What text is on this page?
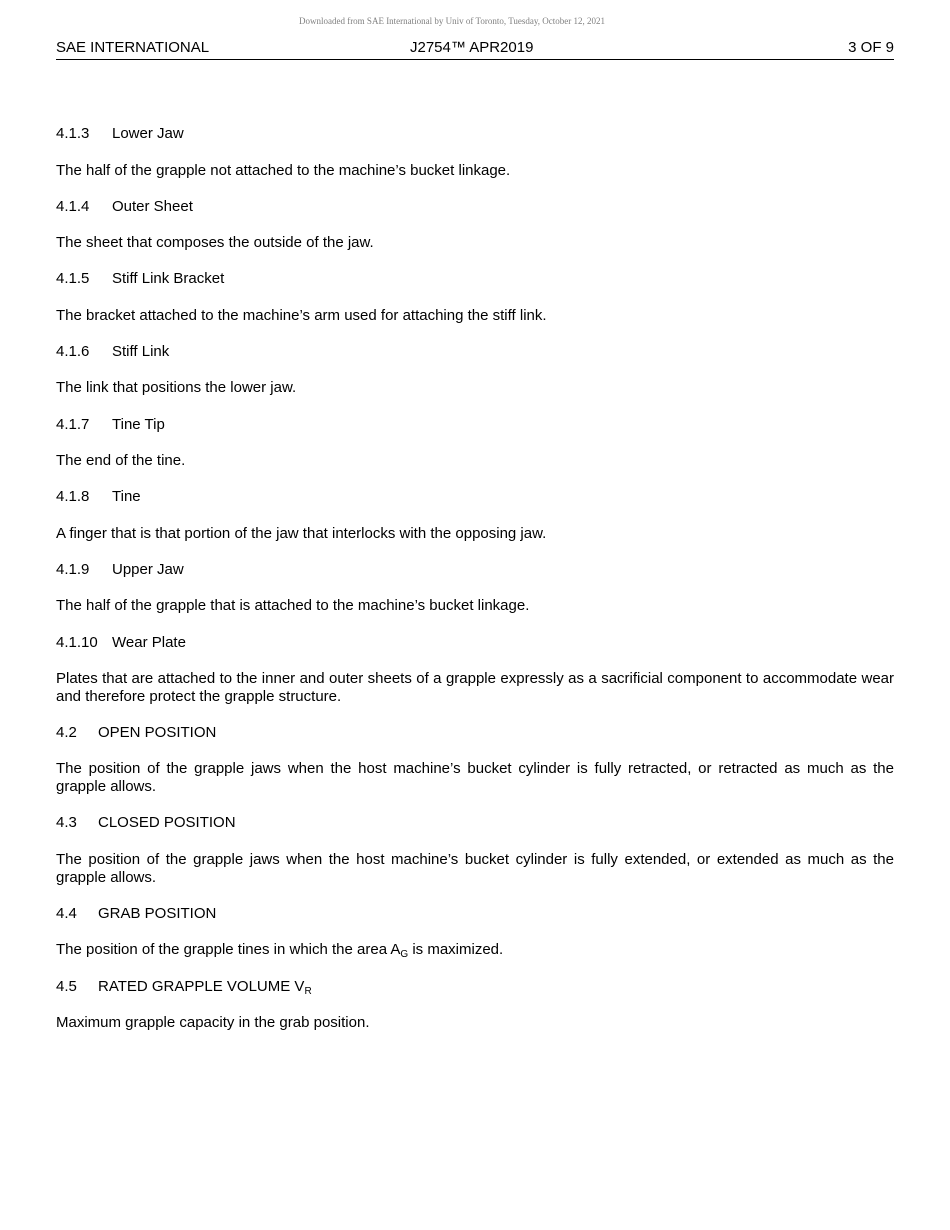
Downloaded from SAE International by Univ of Toronto, Tuesday, October 12, 2021
SAE INTERNATIONAL	J2754™ APR2019	3 OF 9
4.1.3 Lower Jaw
The half of the grapple not attached to the machine’s bucket linkage.
4.1.4 Outer Sheet
The sheet that composes the outside of the jaw.
4.1.5 Stiff Link Bracket
The bracket attached to the machine’s arm used for attaching the stiff link.
4.1.6 Stiff Link
The link that positions the lower jaw.
4.1.7 Tine Tip
The end of the tine.
4.1.8 Tine
A finger that is that portion of the jaw that interlocks with the opposing jaw.
4.1.9 Upper Jaw
The half of the grapple that is attached to the machine’s bucket linkage.
4.1.10 Wear Plate
Plates that are attached to the inner and outer sheets of a grapple expressly as a sacrificial component to accommodate wear and therefore protect the grapple structure.
4.2 OPEN POSITION
The position of the grapple jaws when the host machine’s bucket cylinder is fully retracted, or retracted as much as the grapple allows.
4.3 CLOSED POSITION
The position of the grapple jaws when the host machine’s bucket cylinder is fully extended, or extended as much as the grapple allows.
4.4 GRAB POSITION
The position of the grapple tines in which the area $A_G$ is maximized.
4.5 RATED GRAPPLE VOLUME $V_R$
Maximum grapple capacity in the grab position.
